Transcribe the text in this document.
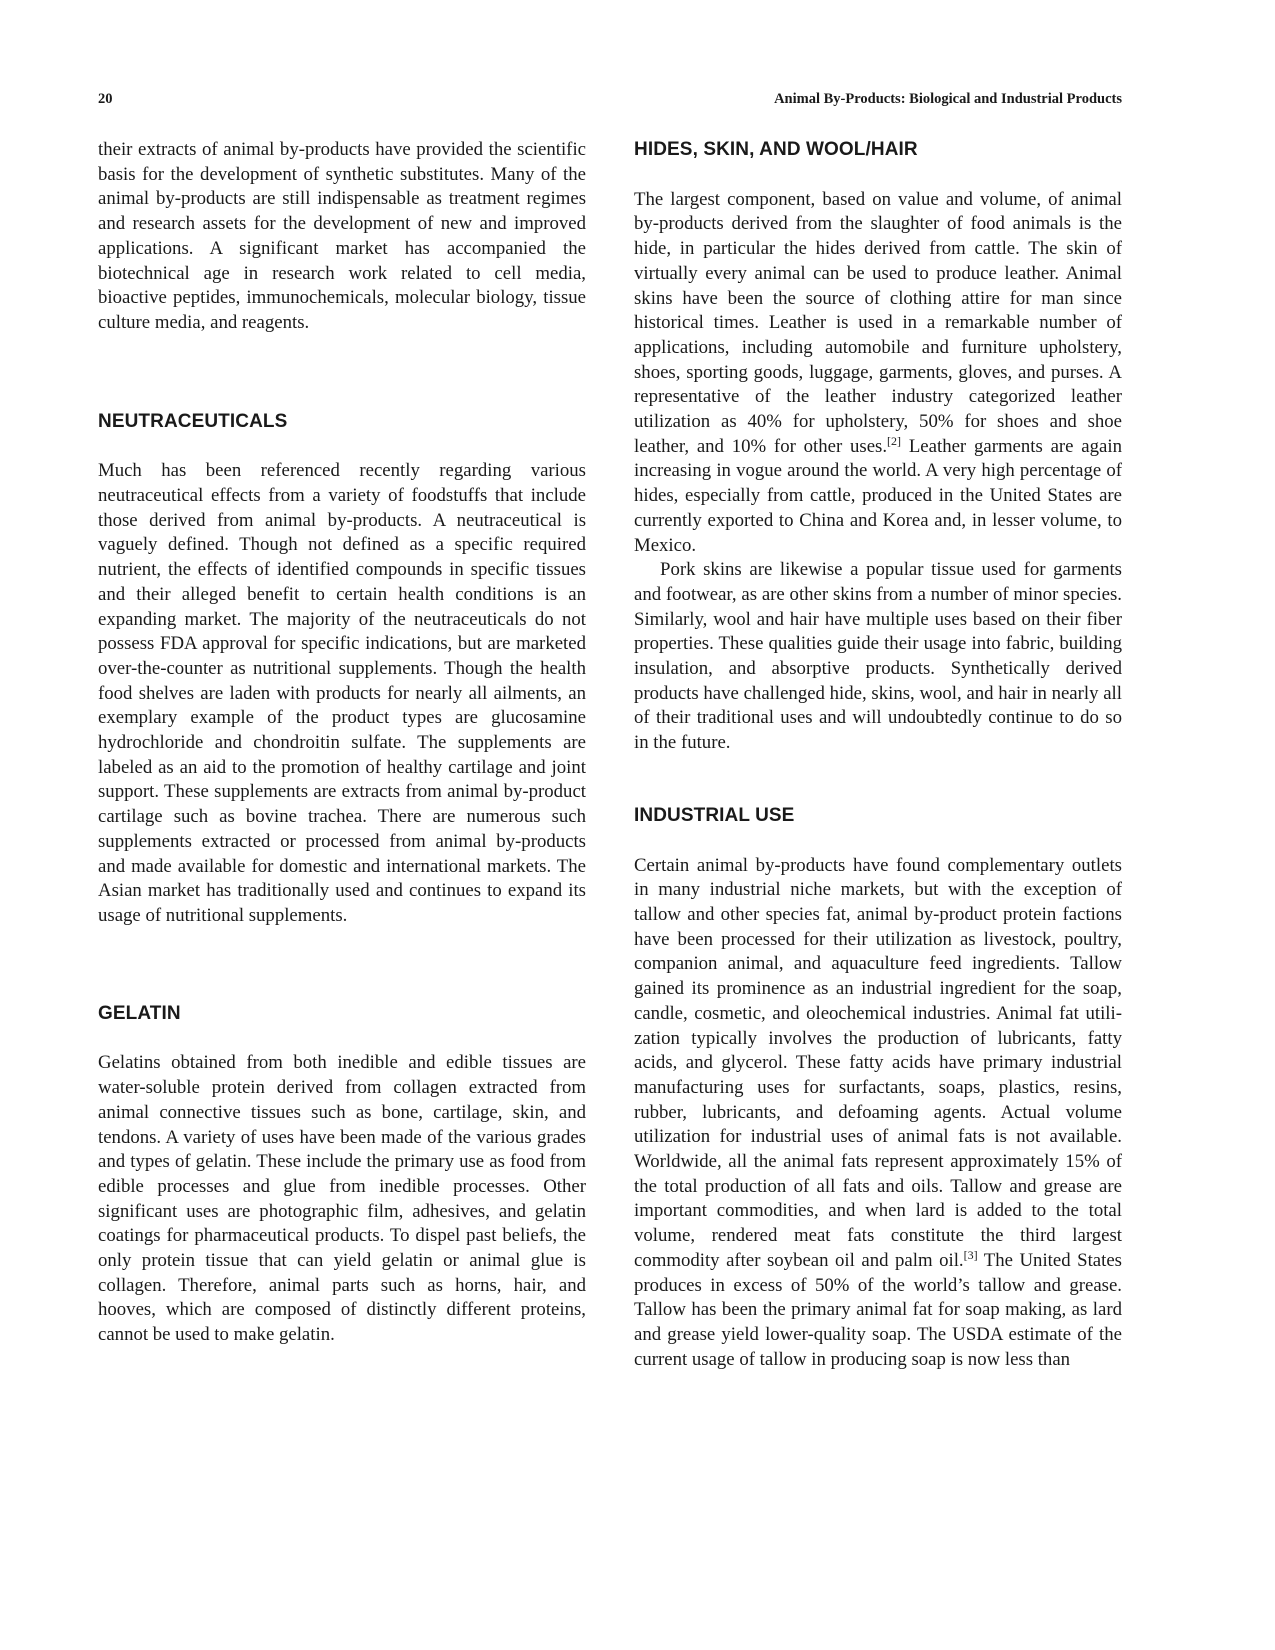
20	Animal By-Products: Biological and Industrial Products

their extracts of animal by-products have provided the scientific basis for the development of synthetic substitutes. Many of the animal by-products are still indispensable as treatment regimes and research assets for the development of new and improved applications. A significant market has accompanied the biotechnical age in research work related to cell media, bioactive peptides, immunochemicals, molecular biology, tissue culture media, and reagents.

NEUTRACEUTICALS

Much has been referenced recently regarding various neutraceutical effects from a variety of foodstuffs that include those derived from animal by-products. A neutraceutical is vaguely defined. Though not defined as a specific required nutrient, the effects of identified compounds in specific tissues and their alleged benefit to certain health conditions is an expanding market. The majority of the neutraceuticals do not possess FDA approval for specific indications, but are marketed over-the-counter as nutritional supplements. Though the health food shelves are laden with products for nearly all ailments, an exemplary example of the product types are glucosamine hydrochloride and chondroitin sulfate. The supplements are labeled as an aid to the promotion of healthy cartilage and joint support. These supplements are extracts from animal by-product cartilage such as bovine trachea. There are numerous such supplements extracted or processed from animal by-products and made available for domestic and international markets. The Asian market has traditionally used and continues to expand its usage of nutritional supplements.

GELATIN

Gelatins obtained from both inedible and edible tissues are water-soluble protein derived from collagen extracted from animal connective tissues such as bone, cartilage, skin, and tendons. A variety of uses have been made of the various grades and types of gelatin. These include the primary use as food from edible processes and glue from inedible processes. Other significant uses are photographic film, adhesives, and gelatin coatings for pharmaceutical products. To dispel past beliefs, the only protein tissue that can yield gelatin or animal glue is collagen. Therefore, animal parts such as horns, hair, and hooves, which are composed of distinctly different proteins, cannot be used to make gelatin.

HIDES, SKIN, AND WOOL/HAIR

The largest component, based on value and volume, of animal by-products derived from the slaughter of food animals is the hide, in particular the hides derived from cattle. The skin of virtually every animal can be used to produce leather. Animal skins have been the source of clothing attire for man since historical times. Leather is used in a remarkable number of applications, including automobile and furniture upholstery, shoes, sporting goods, luggage, garments, gloves, and purses. A representative of the leather industry categorized leather utilization as 40% for upholstery, 50% for shoes and shoe leather, and 10% for other uses.[2] Leather garments are again increasing in vogue around the world. A very high percentage of hides, especially from cattle, produced in the United States are currently exported to China and Korea and, in lesser volume, to Mexico.

Pork skins are likewise a popular tissue used for garments and footwear, as are other skins from a number of minor species. Similarly, wool and hair have multiple uses based on their fiber properties. These qualities guide their usage into fabric, building insulation, and absorptive products. Synthetically derived products have challenged hide, skins, wool, and hair in nearly all of their traditional uses and will undoubtedly continue to do so in the future.

INDUSTRIAL USE

Certain animal by-products have found complementary outlets in many industrial niche markets, but with the exception of tallow and other species fat, animal by-product protein factions have been processed for their utilization as livestock, poultry, companion animal, and aquaculture feed ingredients. Tallow gained its prominence as an industrial ingredient for the soap, candle, cosmetic, and oleochemical industries. Animal fat utilization typically involves the production of lubricants, fatty acids, and glycerol. These fatty acids have primary industrial manufacturing uses for surfactants, soaps, plastics, resins, rubber, lubricants, and defoaming agents. Actual volume utilization for industrial uses of animal fats is not available. Worldwide, all the animal fats represent approximately 15% of the total production of all fats and oils. Tallow and grease are important commodities, and when lard is added to the total volume, rendered meat fats constitute the third largest commodity after soybean oil and palm oil.[3] The United States produces in excess of 50% of the world’s tallow and grease. Tallow has been the primary animal fat for soap making, as lard and grease yield lower-quality soap. The USDA estimate of the current usage of tallow in producing soap is now less than
